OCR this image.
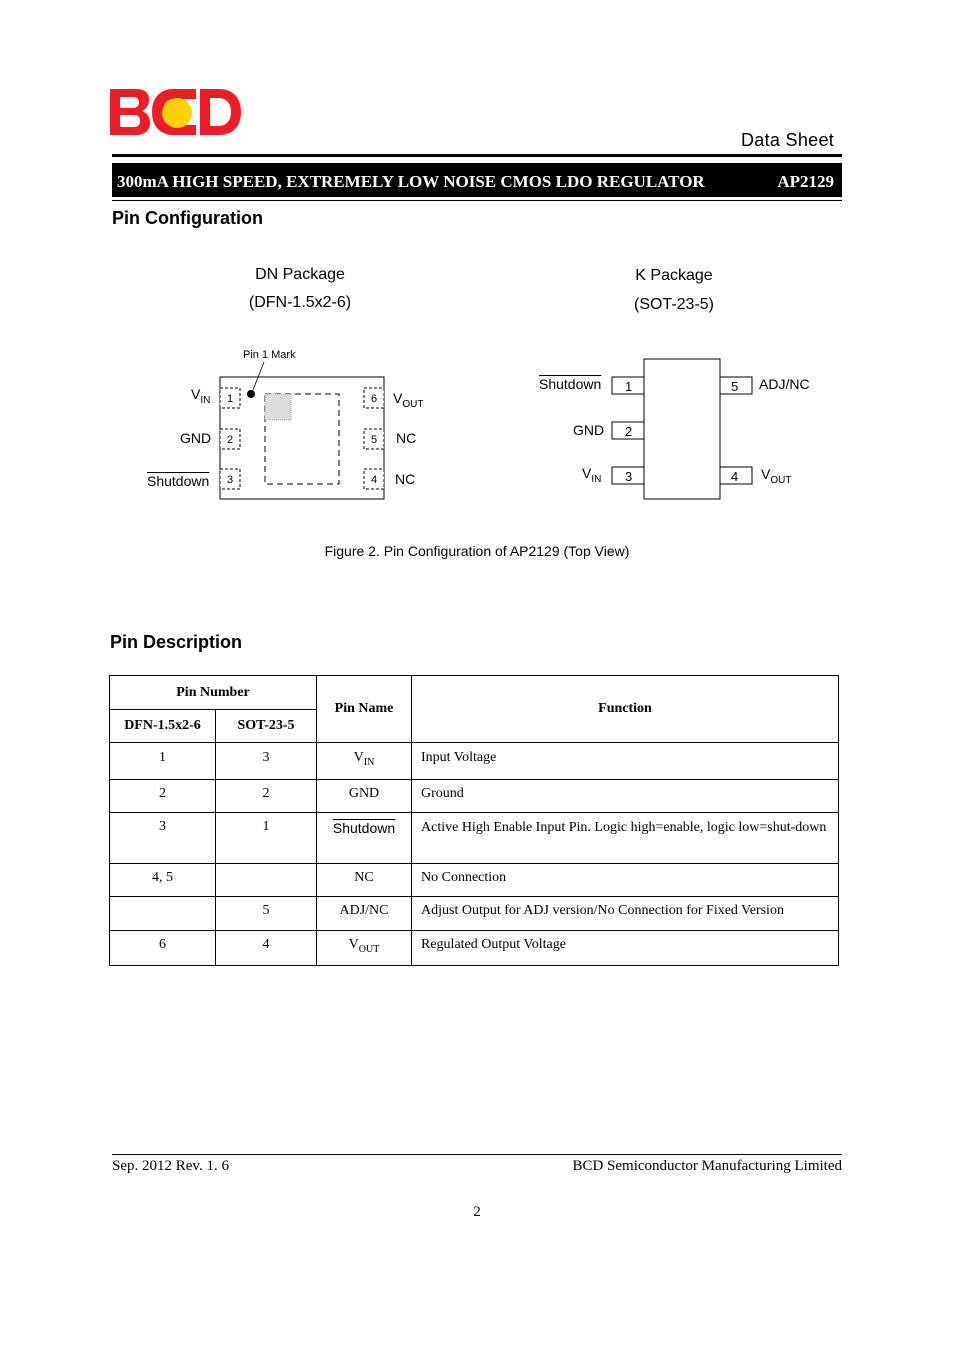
Data Sheet
300mA HIGH SPEED, EXTREMELY LOW NOISE CMOS LDO REGULATOR	AP2129
Pin Configuration
DN Package
(DFN-1.5x2-6)
K Package
(SOT-23-5)
Pin 1 Mark
1
2
3
6
5
4
$V_{IN}$
GND
Shutdown
$V_{OUT}$
NC
NC
1
2
3
5
4
Shutdown
GND
$V_{IN}$
ADJ/NC
$V_{OUT}$
Figure 2. Pin Configuration of AP2129 (Top View)
Pin Description
Pin Number		Pin Name	Function
DFN-1.5x2-6	SOT-23-5		
1	3	$V_{IN}$	Input Voltage
2	2	GND	Ground
3	1	Shutdown	Active High Enable Input Pin. Logic high=enable, logic low=shut-down
4, 5		NC	No Connection
	5	ADJ/NC	Adjust Output for ADJ version/No Connection for Fixed Version
6	4	$V_{OUT}$	Regulated Output Voltage
Sep. 2012 Rev. 1. 6	BCD Semiconductor Manufacturing Limited
2
